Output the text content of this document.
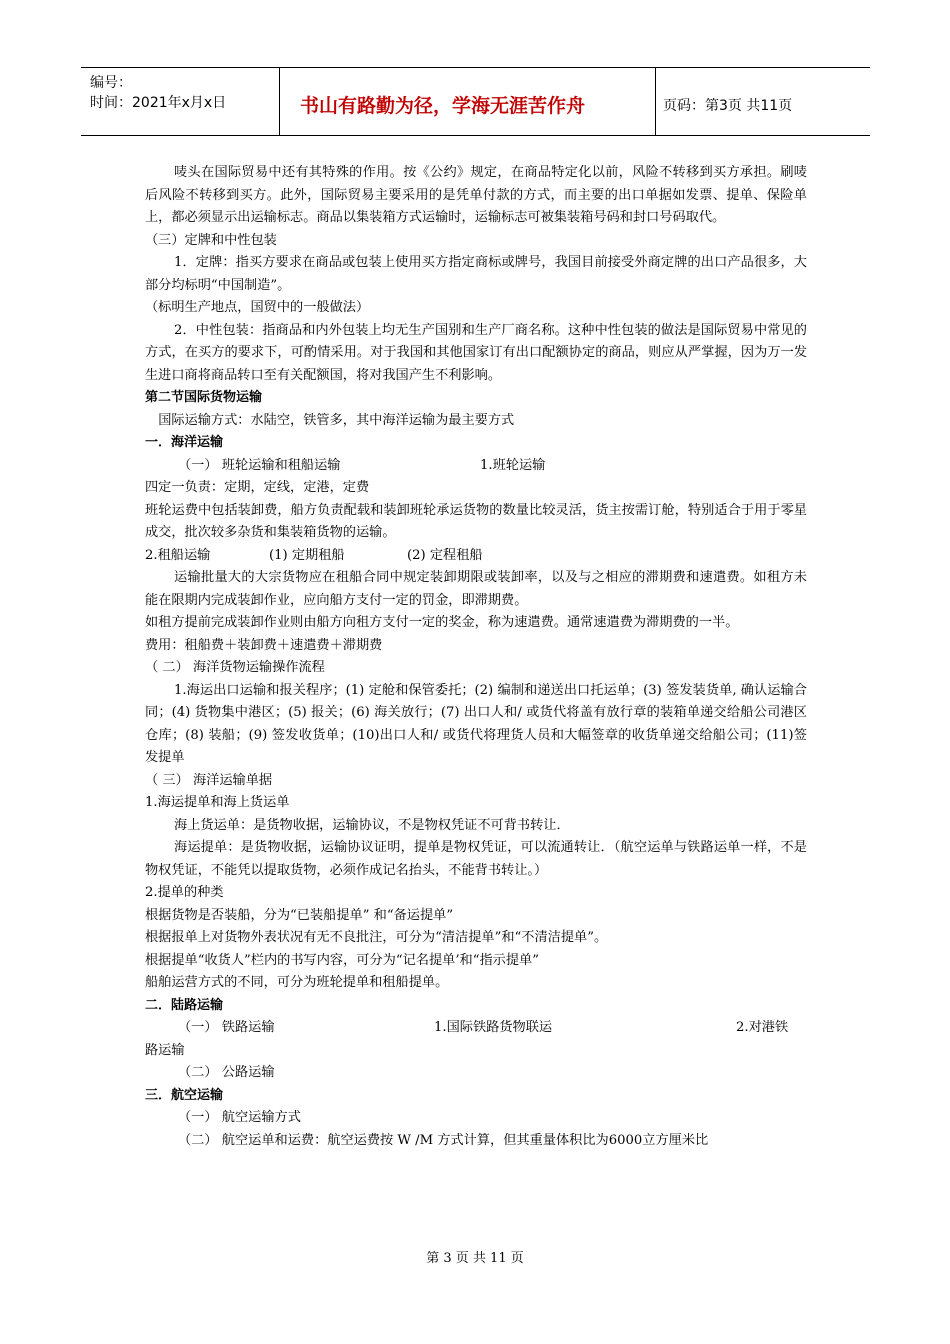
编号：
时间：2021年x月x日	书山有路勤为径，学海无涯苦作舟	页码：第3页 共11页

唛头在国际贸易中还有其特殊的作用。按《公约》规定，在商品特定化以前，风险不转移到买方承担。刷唛后风险不转移到买方。此外，国际贸易主要采用的是凭单付款的方式，而主要的出口单据如发票、提单、保险单上，都必须显示出运输标志。商品以集装箱方式运输时，运输标志可被集装箱号码和封口号码取代。

（三）定牌和中性包装

1．定牌：指买方要求在商品或包装上使用买方指定商标或牌号，我国目前接受外商定牌的出口产品很多，大部分均标明“中国制造”。

（标明生产地点，国贸中的一般做法）

2．中性包装：指商品和内外包装上均无生产国别和生产厂商名称。这种中性包装的做法是国际贸易中常见的方式，在买方的要求下，可酌情采用。对于我国和其他国家订有出口配额协定的商品，则应从严掌握，因为万一发生进口商将商品转口至有关配额国，将对我国产生不利影响。

第二节国际货物运输

国际运输方式：水陆空，铁管多，其中海洋运输为最主要方式

一．海洋运输

（一） 班轮运输和租船运输	1.班轮运输

四定一负责：定期，定线，定港，定费

班轮运费中包括装卸费，船方负责配载和装卸班轮承运货物的数量比较灵活，货主按需订舱，特别适合于用于零星成交，批次较多杂货和集装箱货物的运输。

2.租船运输	(1) 定期租船	(2) 定程租船

运输批量大的大宗货物应在租船合同中规定装卸期限或装卸率，以及与之相应的滞期费和速遣费。如租方未能在限期内完成装卸作业，应向船方支付一定的罚金，即滞期费。

如租方提前完成装卸作业则由船方向租方支付一定的奖金，称为速遣费。通常速遣费为滞期费的一半。

费用：租船费＋装卸费＋速遣费＋滞期费

（ 二） 海洋货物运输操作流程

1.海运出口运输和报关程序；(1) 定舱和保管委托；(2) 编制和递送出口托运单；(3) 签发装货单, 确认运输合同；(4) 货物集中港区；(5) 报关；(6) 海关放行；(7) 出口人和/ 或货代将盖有放行章的装箱单递交给船公司港区仓库；(8) 装船；(9) 签发收货单；(10)出口人和/ 或货代将理货人员和大幅签章的收货单递交给船公司；(11)签发提单

（ 三） 海洋运输单据

1.海运提单和海上货运单

海上货运单：是货物收据，运输协议，不是物权凭证不可背书转让．

海运提单：是货物收据，运输协议证明，提单是物权凭证，可以流通转让．（航空运单与铁路运单一样，不是物权凭证，不能凭以提取货物，必须作成记名抬头，不能背书转让。）

2.提单的种类

根据货物是否装船，分为“已装船提单” 和“备运提单”

根据报单上对货物外表状况有无不良批注，可分为“清洁提单”和“不清洁提单”。

根据提单“收货人”栏内的书写内容，可分为“记名提单’和“指示提单”

船舶运营方式的不同，可分为班轮提单和租船提单。

二．陆路运输

（一） 铁路运输	1.国际铁路货物联运	2.对港铁

路运输

（二） 公路运输

三．航空运输

（一） 航空运输方式

（二） 航空运单和运费：航空运费按 W /M 方式计算，但其重量体积比为6000立方厘米比

第 3 页 共 11 页
